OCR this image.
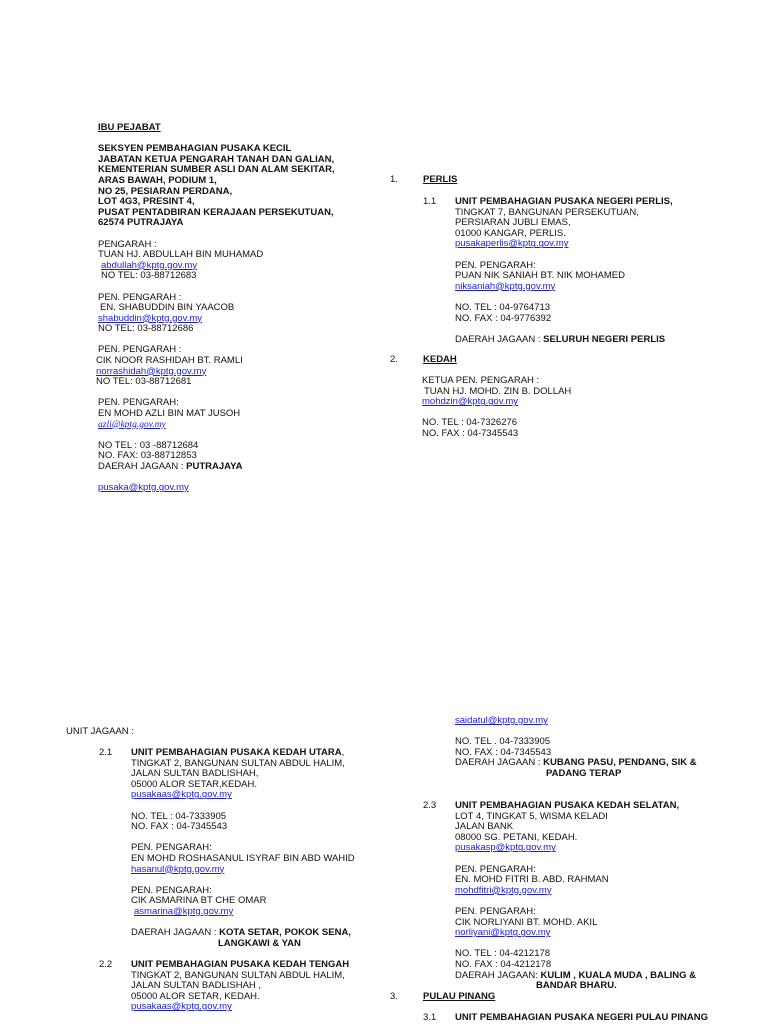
IBU PEJABAT
SEKSYEN PEMBAHAGIAN PUSAKA KECIL
JABATAN KETUA PENGARAH TANAH DAN GALIAN,
KEMENTERIAN SUMBER ASLI DAN ALAM SEKITAR,
ARAS BAWAH, PODIUM 1,
NO 25, PESIARAN PERDANA,
LOT 4G3, PRESINT 4,
PUSAT PENTADBIRAN KERAJAAN PERSEKUTUAN,
62574 PUTRAJAYA
PENGARAH :
TUAN HJ. ABDULLAH BIN MUHAMAD
abdullah@kptg.gov.my
NO TEL: 03-88712683
PEN. PENGARAH :
EN. SHABUDDIN BIN YAACOB
shabuddin@kptg.gov.my
NO TEL: 03-88712686
PEN. PENGARAH :
CIK NOOR RASHIDAH BT. RAMLI
norrashidah@kptg.gov.my
NO TEL: 03-88712681
PEN. PENGARAH:
EN MOHD AZLI BIN MAT JUSOH
azli@kptg.gov.my
NO TEL : 03 -88712684
NO. FAX: 03-88712853
DAERAH JAGAAN : PUTRAJAYA
pusaka@kptg.gov.my
1.	PERLIS
1.1 UNIT PEMBAHAGIAN PUSAKA NEGERI PERLIS,
TINGKAT 7, BANGUNAN PERSEKUTUAN,
PERSIARAN JUBLI EMAS,
01000 KANGAR, PERLIS.
pusakaperlis@kptg.gov.my
PEN. PENGARAH:
PUAN NIK SANIAH BT. NIK MOHAMED
niksaniah@kptg.gov.my
NO. TEL : 04-9764713
NO. FAX : 04-9776392
DAERAH JAGAAN : SELURUH NEGERI PERLIS
2.	KEDAH
KETUA PEN. PENGARAH :
TUAN HJ. MOHD. ZIN B. DOLLAH
mohdzin@kptg.gov.my
NO. TEL : 04-7326276
NO. FAX : 04-7345543
UNIT JAGAAN :
2.1 UNIT PEMBAHAGIAN PUSAKA KEDAH UTARA,
TINGKAT 2, BANGUNAN SULTAN ABDUL HALIM,
JALAN SULTAN BADLISHAH,
05000 ALOR SETAR,KEDAH.
pusakaas@kptg.gov.my
NO. TEL : 04-7333905
NO. FAX : 04-7345543
PEN. PENGARAH:
EN MOHD ROSHASANUL ISYRAF BIN ABD WAHID
hasanul@kptg.gov.my
PEN. PENGARAH:
CIK ASMARINA BT CHE OMAR
asmarina@kptg.gov.my
DAERAH JAGAAN : KOTA SETAR, POKOK SENA,
LANGKAWI & YAN
2.2 UNIT PEMBAHAGIAN PUSAKA KEDAH TENGAH
TINGKAT 2, BANGUNAN SULTAN ABDUL HALIM,
JALAN SULTAN BADLISHAH ,
05000 ALOR SETAR, KEDAH.
pusakaas@kptg.gov.my
saidatul@kptg.gov.my
NO. TEL . 04-7333905
NO. FAX : 04-7345543
DAERAH JAGAAN : KUBANG PASU, PENDANG, SIK &
PADANG TERAP
2.3 UNIT PEMBAHAGIAN PUSAKA KEDAH SELATAN,
LOT 4, TINGKAT 5, WISMA KELADI
JALAN BANK
08000 SG. PETANI, KEDAH.
pusakasp@kptg.gov.my
PEN. PENGARAH:
EN. MOHD FITRI B. ABD. RAHMAN
mohdfitri@kptg.gov.my
PEN. PENGARAH:
CIK NORLIYANI BT. MOHD. AKIL
norliyani@kptg.gov.my
NO. TEL : 04-4212178
NO. FAX : 04-4212178
DAERAH JAGAAN: KULIM , KUALA MUDA , BALING &
BANDAR BHARU.
3.	PULAU PINANG
3.1 UNIT PEMBAHAGIAN PUSAKA NEGERI PULAU PINANG
